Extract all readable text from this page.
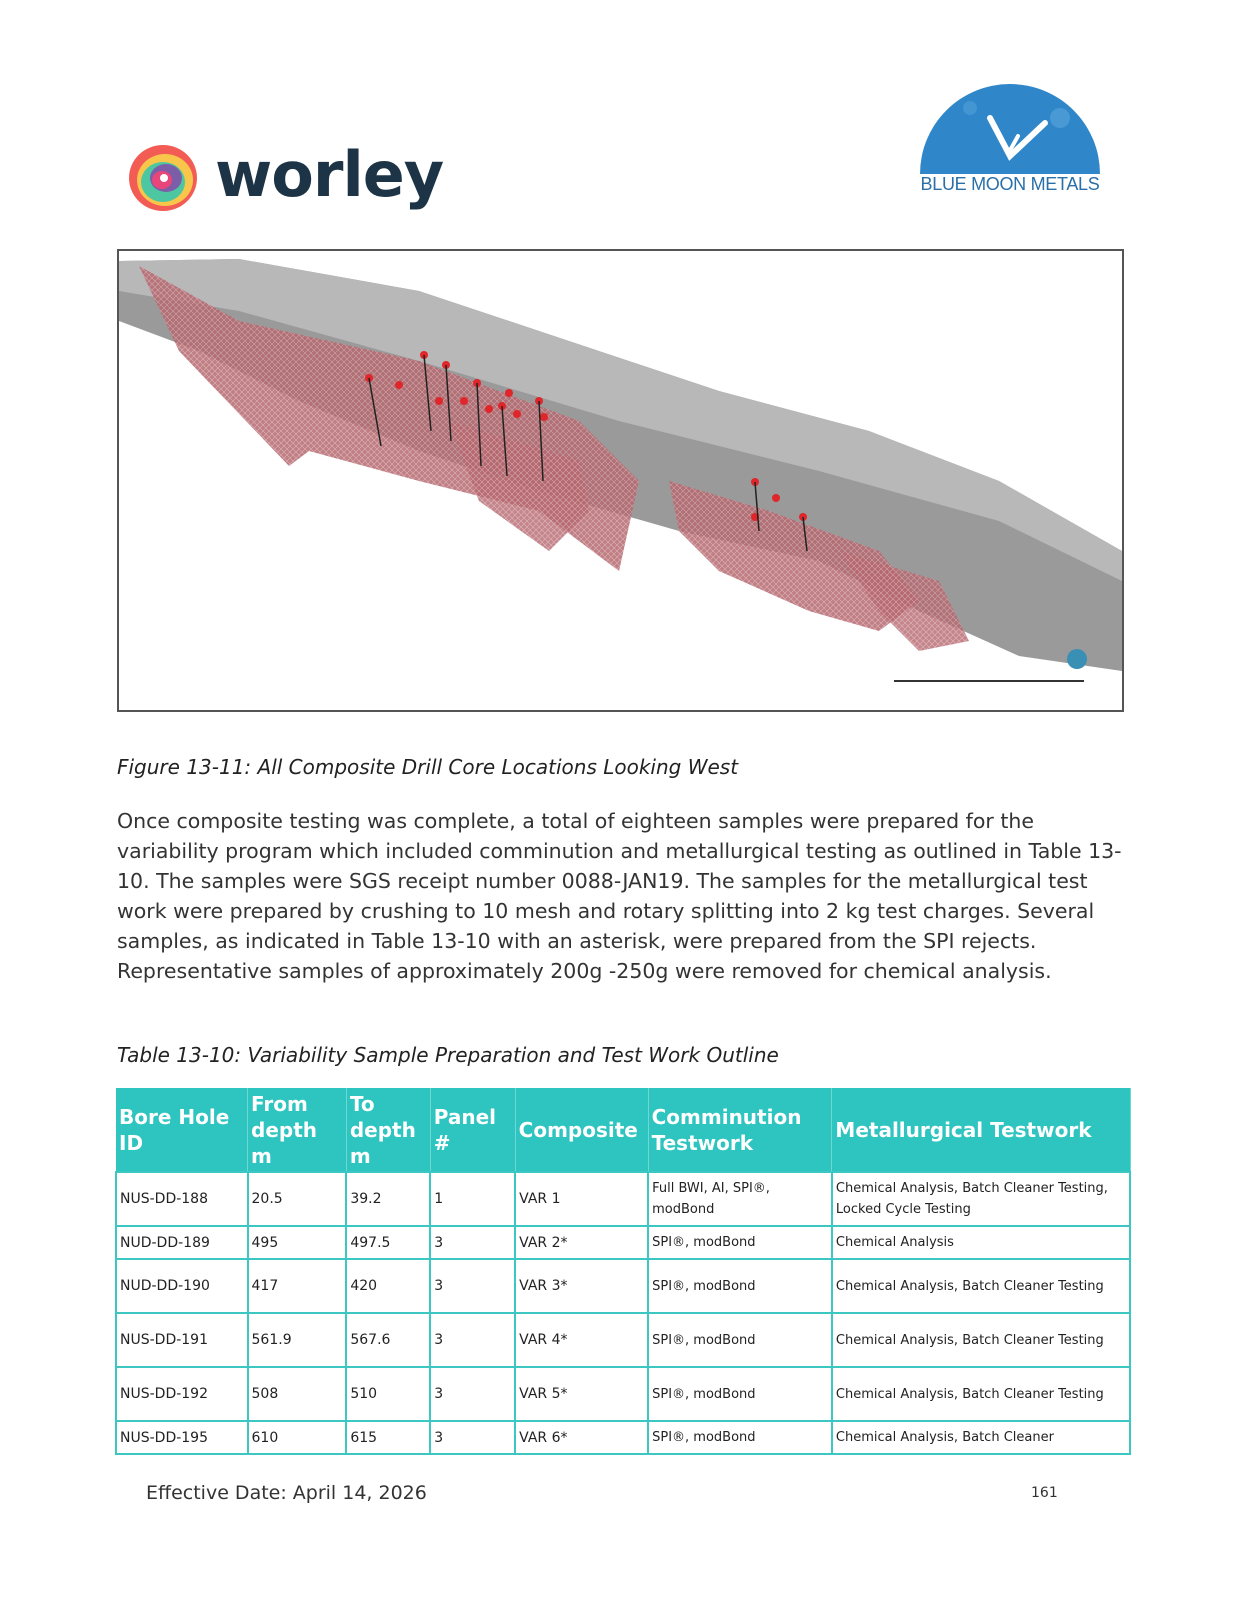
worley	BLUE MOON METALS
Figure 13-11: All Composite Drill Core Locations Looking West
Once composite testing was complete, a total of eighteen samples were prepared for the variability program which included comminution and metallurgical testing as outlined in Table 13-10. The samples were SGS receipt number 0088-JAN19. The samples for the metallurgical test work were prepared by crushing to 10 mesh and rotary splitting into 2 kg test charges. Several samples, as indicated in Table 13-10 with an asterisk, were prepared from the SPI rejects. Representative samples of approximately 200g -250g were removed for chemical analysis.
Table 13-10: Variability Sample Preparation and Test Work Outline
Bore Hole ID	From depth m	To depth m	Panel #	Composite	Comminution Testwork	Metallurgical Testwork
NUS-DD-188	20.5	39.2	1	VAR 1	Full BWI, AI, SPI®, modBond	Chemical Analysis, Batch Cleaner Testing, Locked Cycle Testing
NUD-DD-189	495	497.5	3	VAR 2*	SPI®, modBond	Chemical Analysis
NUD-DD-190	417	420	3	VAR 3*	SPI®, modBond	Chemical Analysis, Batch Cleaner Testing
NUS-DD-191	561.9	567.6	3	VAR 4*	SPI®, modBond	Chemical Analysis, Batch Cleaner Testing
NUS-DD-192	508	510	3	VAR 5*	SPI®, modBond	Chemical Analysis, Batch Cleaner Testing
NUS-DD-195	610	615	3	VAR 6*	SPI®, modBond	Chemical Analysis, Batch Cleaner
Effective Date: April 14, 2026	161
